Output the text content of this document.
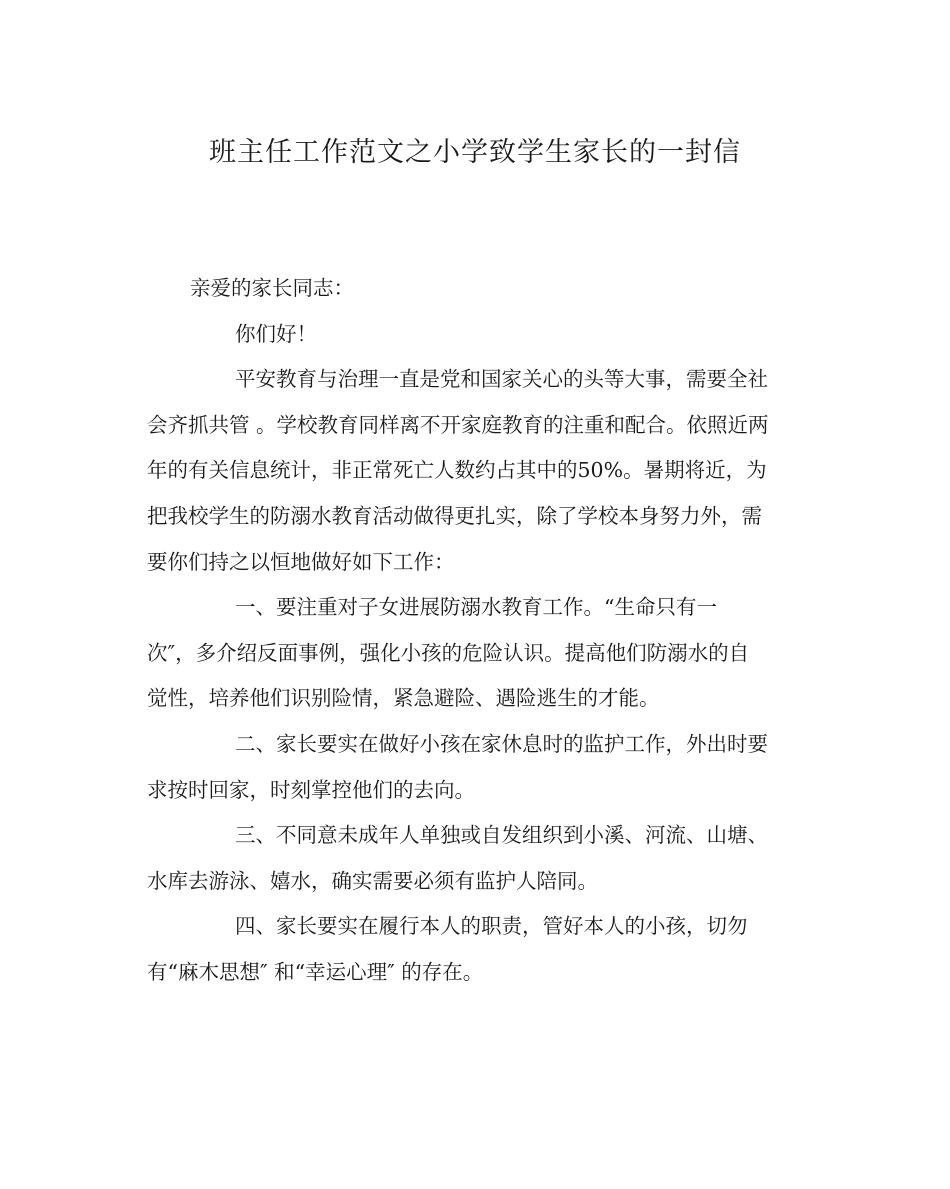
班主任工作范文之小学致学生家长的一封信
亲爱的家长同志：
你们好！
平安教育与治理一直是党和国家关心的头等大事，需要全社
会齐抓共管 。学校教育同样离不开家庭教育的注重和配合。依照近两
年的有关信息统计，非正常死亡人数约占其中的50%。暑期将近，为
把我校学生的防溺水教育活动做得更扎实，除了学校本身努力外，需
要你们持之以恒地做好如下工作：
一、要注重对子女进展防溺水教育工作。“生命只有一
次″，多介绍反面事例，强化小孩的危险认识。提高他们防溺水的自
觉性，培养他们识别险情，紧急避险、遇险逃生的才能。
二、家长要实在做好小孩在家休息时的监护工作，外出时要
求按时回家，时刻掌控他们的去向。
三、不同意未成年人单独或自发组织到小溪、河流、山塘、
水库去游泳、嬉水，确实需要必须有监护人陪同。
四、家长要实在履行本人的职责，管好本人的小孩，切勿
有“麻木思想″ 和“幸运心理″ 的存在。
